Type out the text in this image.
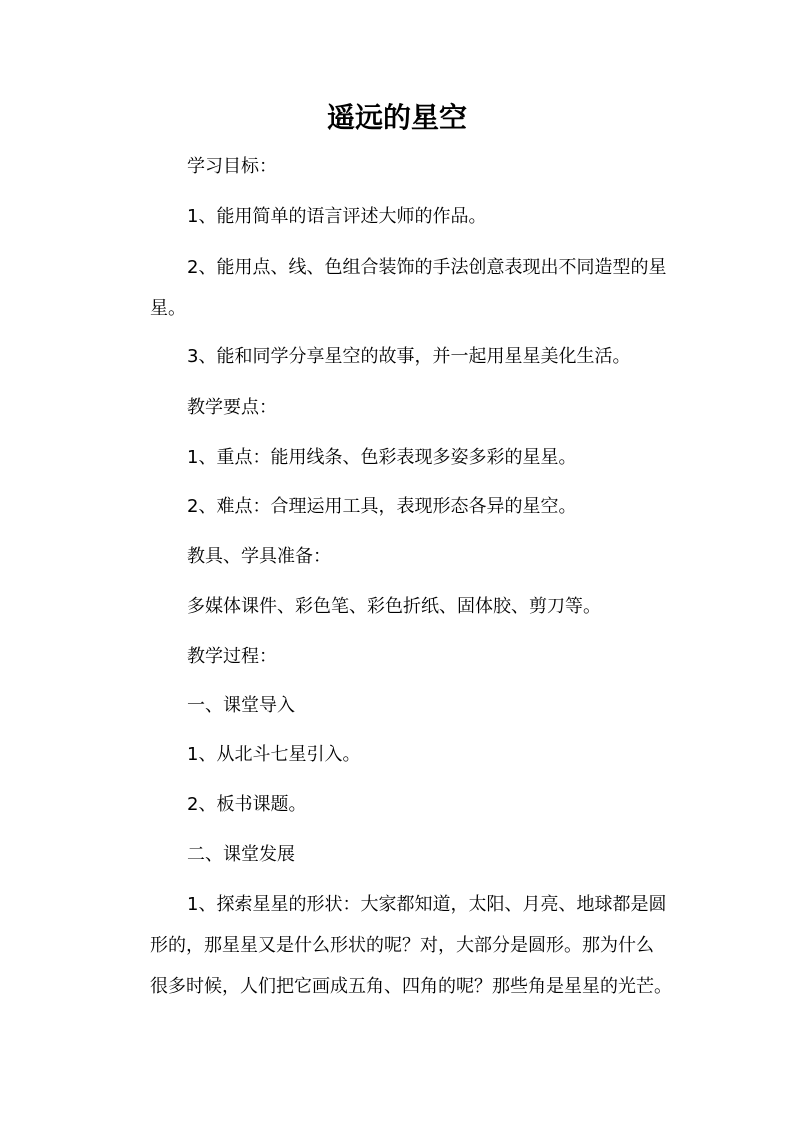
遥远的星空
学习目标：
1、能用简单的语言评述大师的作品。
2、能用点、线、色组合装饰的手法创意表现出不同造型的星
星。
3、能和同学分享星空的故事，并一起用星星美化生活。
教学要点：
1、重点：能用线条、色彩表现多姿多彩的星星。
2、难点：合理运用工具，表现形态各异的星空。
教具、学具准备：
多媒体课件、彩色笔、彩色折纸、固体胶、剪刀等。
教学过程：
一、课堂导入
1、从北斗七星引入。
2、板书课题。
二、课堂发展
1、探索星星的形状：大家都知道，太阳、月亮、地球都是圆
形的，那星星又是什么形状的呢？对，大部分是圆形。那为什么
很多时候，人们把它画成五角、四角的呢？那些角是星星的光芒。
